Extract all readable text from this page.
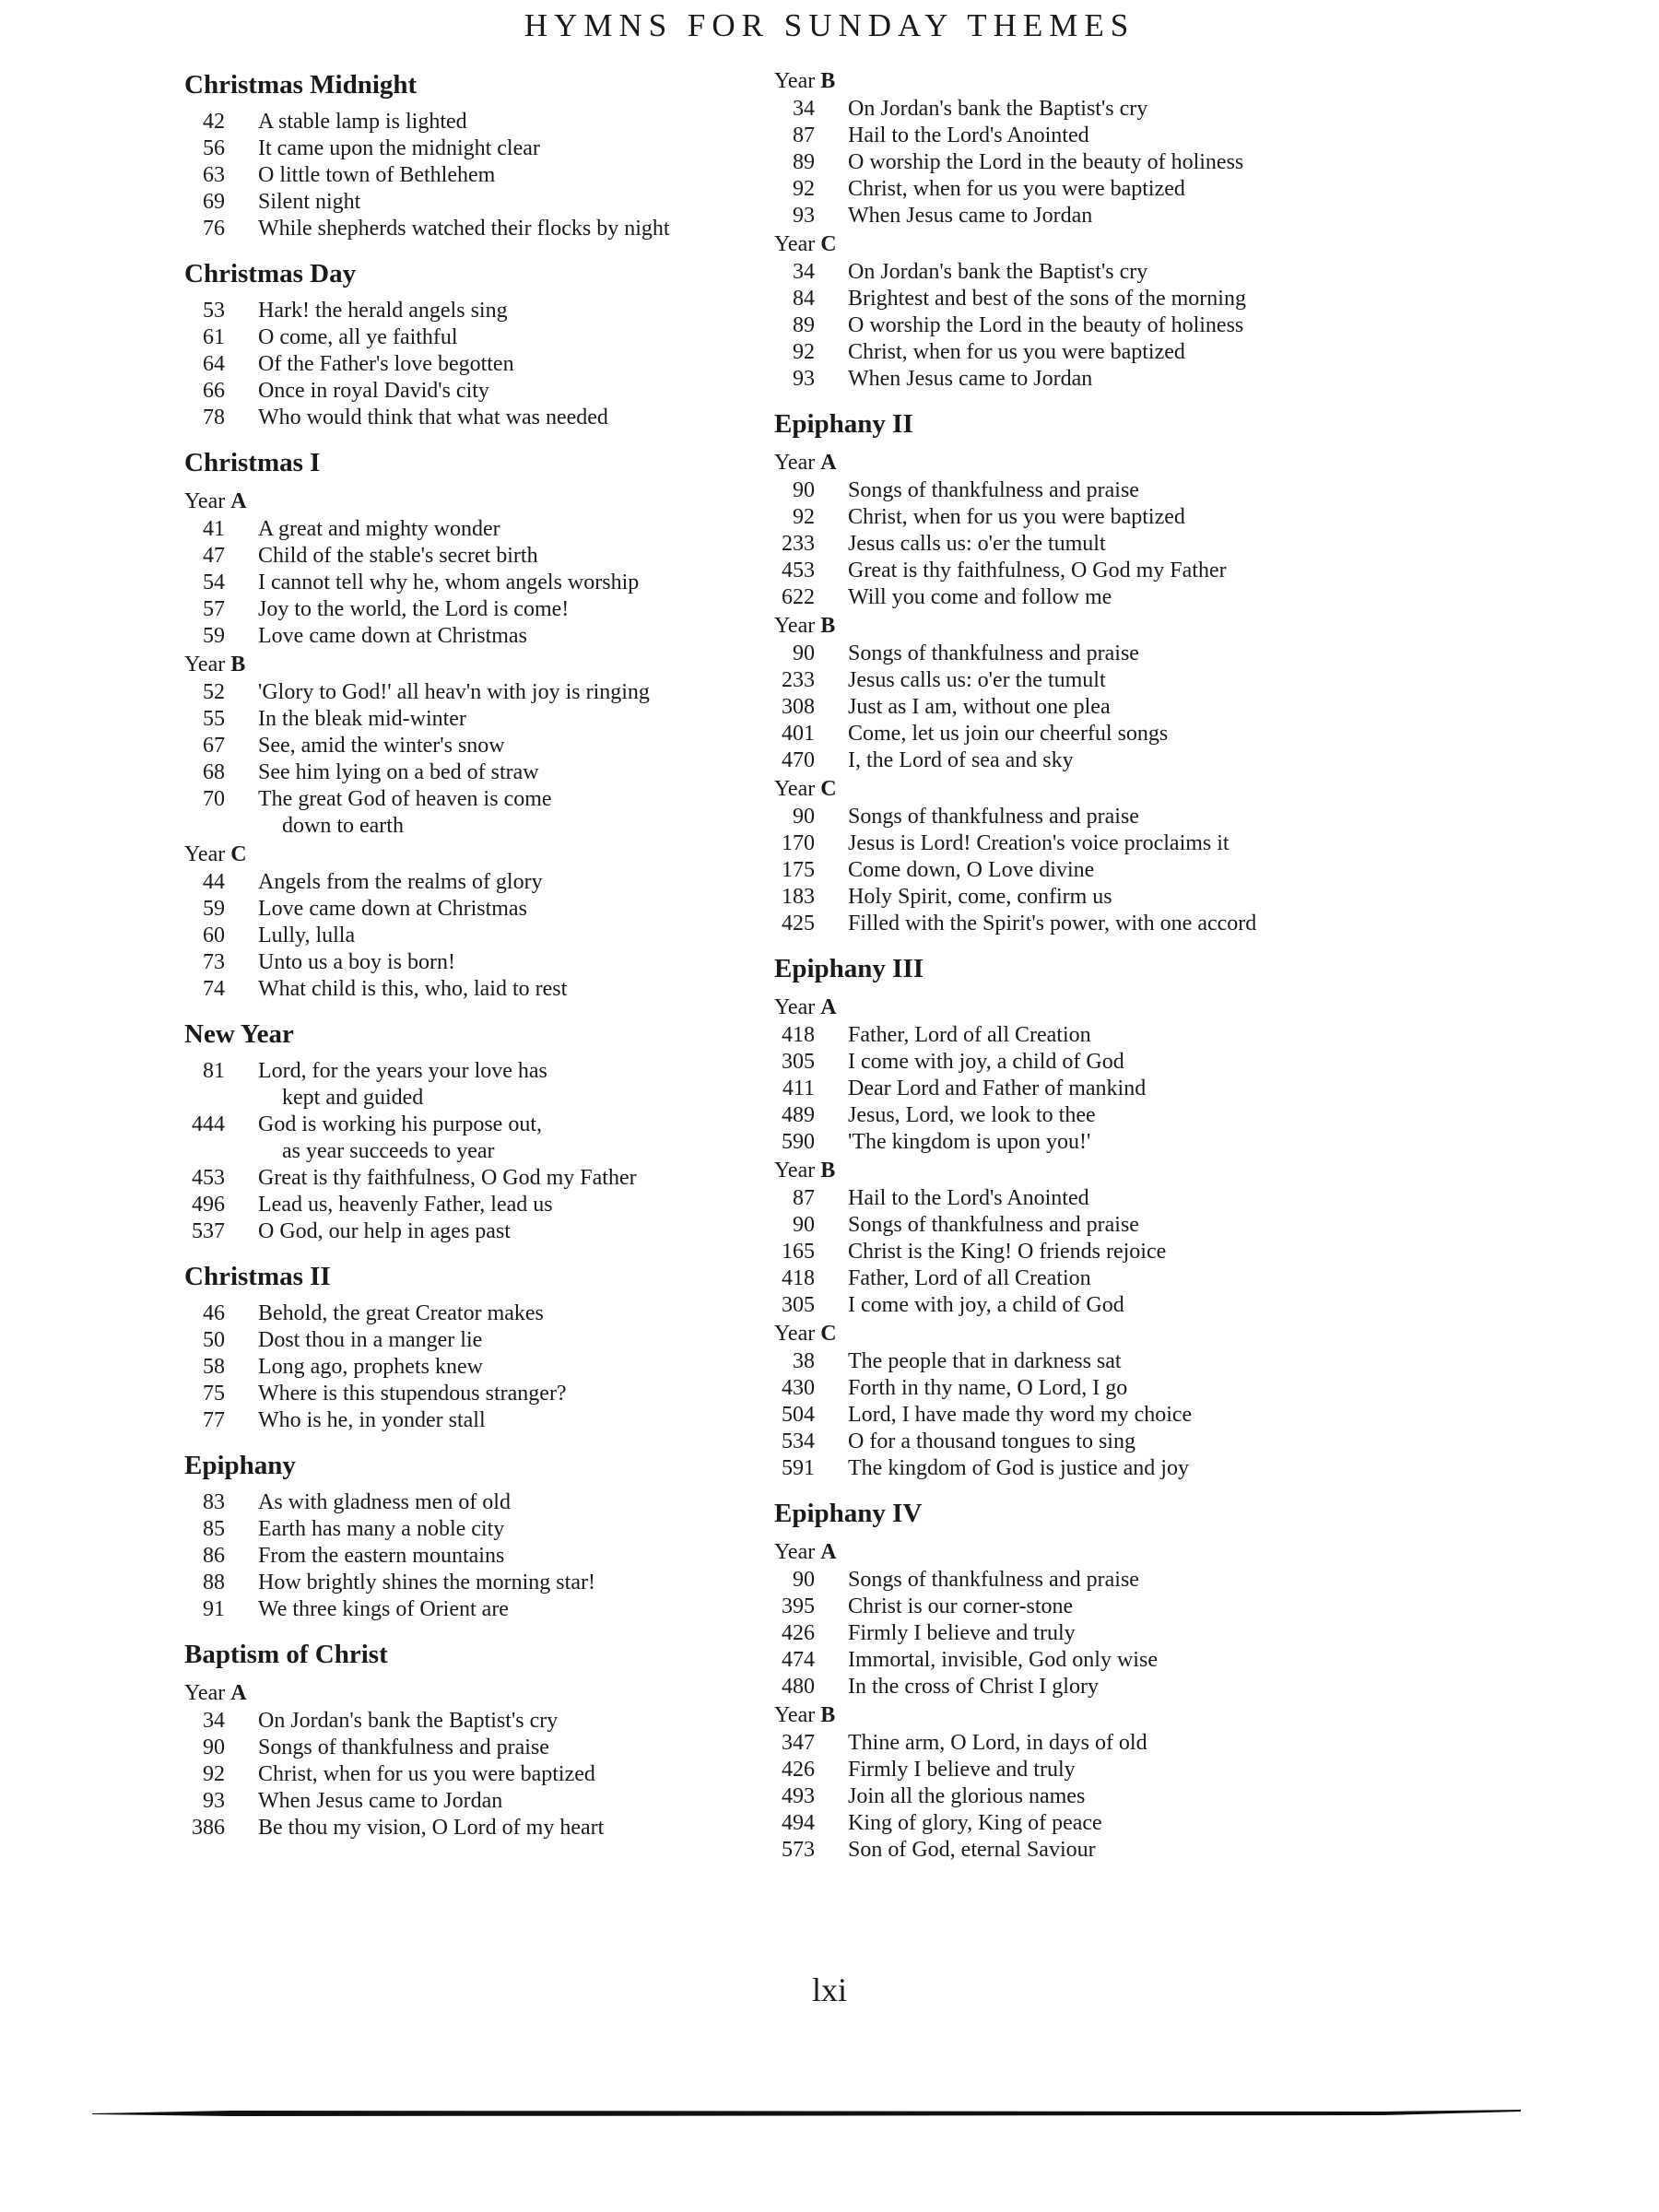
HYMNS FOR SUNDAY THEMES
Christmas Midnight
42 A stable lamp is lighted
56 It came upon the midnight clear
63 O little town of Bethlehem
69 Silent night
76 While shepherds watched their flocks by night
Christmas Day
53 Hark! the herald angels sing
61 O come, all ye faithful
64 Of the Father's love begotten
66 Once in royal David's city
78 Who would think that what was needed
Christmas I
Year A
41 A great and mighty wonder
47 Child of the stable's secret birth
54 I cannot tell why he, whom angels worship
57 Joy to the world, the Lord is come!
59 Love came down at Christmas
Year B
52 'Glory to God!' all heav'n with joy is ringing
55 In the bleak mid-winter
67 See, amid the winter's snow
68 See him lying on a bed of straw
70 The great God of heaven is come
down to earth
Year C
44 Angels from the realms of glory
59 Love came down at Christmas
60 Lully, lulla
73 Unto us a boy is born!
74 What child is this, who, laid to rest
New Year
81 Lord, for the years your love has
kept and guided
444 God is working his purpose out,
as year succeeds to year
453 Great is thy faithfulness, O God my Father
496 Lead us, heavenly Father, lead us
537 O God, our help in ages past
Christmas II
46 Behold, the great Creator makes
50 Dost thou in a manger lie
58 Long ago, prophets knew
75 Where is this stupendous stranger?
77 Who is he, in yonder stall
Epiphany
83 As with gladness men of old
85 Earth has many a noble city
86 From the eastern mountains
88 How brightly shines the morning star!
91 We three kings of Orient are
Baptism of Christ
Year A
34 On Jordan's bank the Baptist's cry
90 Songs of thankfulness and praise
92 Christ, when for us you were baptized
93 When Jesus came to Jordan
386 Be thou my vision, O Lord of my heart
Year B
34 On Jordan's bank the Baptist's cry
87 Hail to the Lord's Anointed
89 O worship the Lord in the beauty of holiness
92 Christ, when for us you were baptized
93 When Jesus came to Jordan
Year C
34 On Jordan's bank the Baptist's cry
84 Brightest and best of the sons of the morning
89 O worship the Lord in the beauty of holiness
92 Christ, when for us you were baptized
93 When Jesus came to Jordan
Epiphany II
Year A
90 Songs of thankfulness and praise
92 Christ, when for us you were baptized
233 Jesus calls us: o'er the tumult
453 Great is thy faithfulness, O God my Father
622 Will you come and follow me
Year B
90 Songs of thankfulness and praise
233 Jesus calls us: o'er the tumult
308 Just as I am, without one plea
401 Come, let us join our cheerful songs
470 I, the Lord of sea and sky
Year C
90 Songs of thankfulness and praise
170 Jesus is Lord! Creation's voice proclaims it
175 Come down, O Love divine
183 Holy Spirit, come, confirm us
425 Filled with the Spirit's power, with one accord
Epiphany III
Year A
418 Father, Lord of all Creation
305 I come with joy, a child of God
411 Dear Lord and Father of mankind
489 Jesus, Lord, we look to thee
590 'The kingdom is upon you!'
Year B
87 Hail to the Lord's Anointed
90 Songs of thankfulness and praise
165 Christ is the King! O friends rejoice
418 Father, Lord of all Creation
305 I come with joy, a child of God
Year C
38 The people that in darkness sat
430 Forth in thy name, O Lord, I go
504 Lord, I have made thy word my choice
534 O for a thousand tongues to sing
591 The kingdom of God is justice and joy
Epiphany IV
Year A
90 Songs of thankfulness and praise
395 Christ is our corner-stone
426 Firmly I believe and truly
474 Immortal, invisible, God only wise
480 In the cross of Christ I glory
Year B
347 Thine arm, O Lord, in days of old
426 Firmly I believe and truly
493 Join all the glorious names
494 King of glory, King of peace
573 Son of God, eternal Saviour
lxi
